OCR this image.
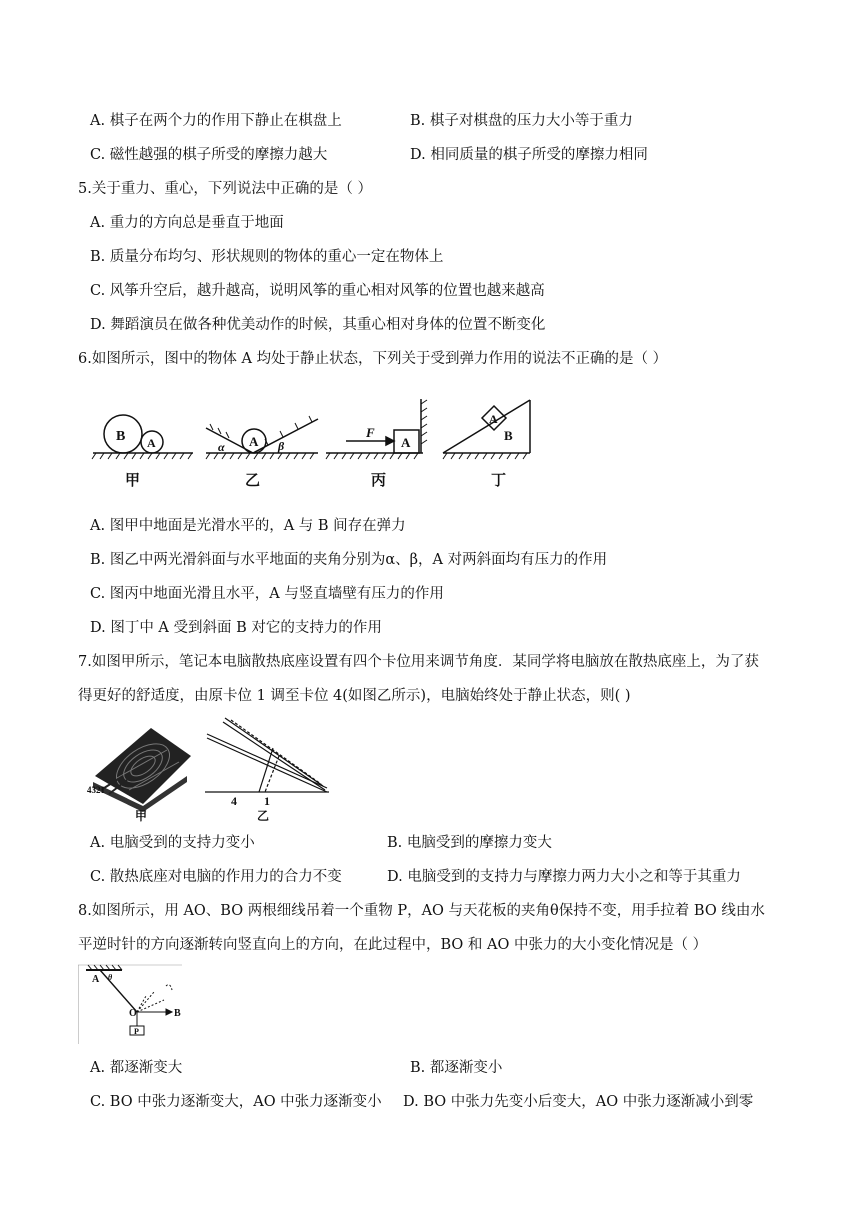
A. 棋子在两个力的作用下静止在棋盘上	B. 棋子对棋盘的压力大小等于重力
C. 磁性越强的棋子所受的摩擦力越大	D. 相同质量的棋子所受的摩擦力相同
5.关于重力、重心，下列说法中正确的是（ ）
A. 重力的方向总是垂直于地面
B. 质量分布均匀、形状规则的物体的重心一定在物体上
C. 风筝升空后，越升越高，说明风筝的重心相对风筝的位置也越来越高
D. 舞蹈演员在做各种优美动作的时候，其重心相对身体的位置不断变化
6.如图所示，图中的物体 A 均处于静止状态，下列关于受到弹力作用的说法不正确的是（ ）
B A	A
α	β
F
A
A
B
甲	乙	丙	丁
A. 图甲中地面是光滑水平的，A 与 B 间存在弹力
B. 图乙中两光滑斜面与水平地面的夹角分别为α、β，A 对两斜面均有压力的作用
C. 图丙中地面光滑且水平，A 与竖直墙壁有压力的作用
D. 图丁中 A 受到斜面 B 对它的支持力的作用
7.如图甲所示，笔记本电脑散热底座设置有四个卡位用来调节角度．某同学将电脑放在散热底座上，为了获
得更好的舒适度，由原卡位 1 调至卡位 4(如图乙所示)，电脑始终处于静止状态，则( )
4321
甲
4 1
乙
A. 电脑受到的支持力变小	B. 电脑受到的摩擦力变大
C. 散热底座对电脑的作用力的合力不变	D. 电脑受到的支持力与摩擦力两力大小之和等于其重力
8.如图所示，用 AO、BO 两根细线吊着一个重物 P，AO 与天花板的夹角θ保持不变，用手拉着 BO 线由水
平逆时针的方向逐渐转向竖直向上的方向，在此过程中，BO 和 AO 中张力的大小变化情况是（ ）
A θ
O	B
P
A. 都逐渐变大	B. 都逐渐变小
C. BO 中张力逐渐变大，AO 中张力逐渐变小 D. BO 中张力先变小后变大，AO 中张力逐渐减小到零
